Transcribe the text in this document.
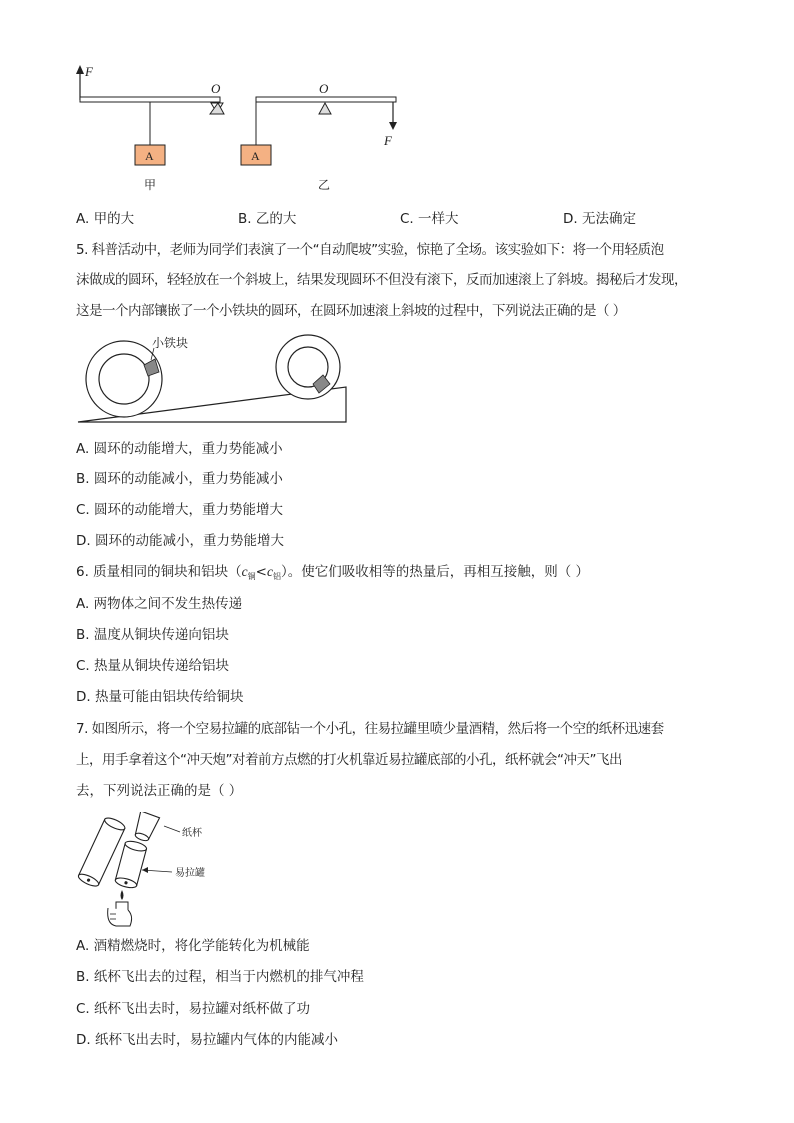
F
O
A
甲
O
A
F
乙
A. 甲的大	B. 乙的大	C. 一样大	D. 无法确定
5. 科普活动中，老师为同学们表演了一个“自动爬坡”实验，惊艳了全场。该实验如下：将一个用轻质泡
沫做成的圆环，轻轻放在一个斜坡上，结果发现圆环不但没有滚下，反而加速滚上了斜坡。揭秘后才发现，
这是一个内部镶嵌了一个小铁块的圆环，在圆环加速滚上斜坡的过程中，下列说法正确的是（ ）
小铁块
A. 圆环的动能增大，重力势能减小
B. 圆环的动能减小，重力势能减小
C. 圆环的动能增大，重力势能增大
D. 圆环的动能减小，重力势能增大
6. 质量相同的铜块和铝块$(c_铜<c_铝)$。使它们吸收相等的热量后，再相互接触，则（ ）
A. 两物体之间不发生热传递
B. 温度从铜块传递向铝块
C. 热量从铜块传递给铝块
D. 热量可能由铝块传给铜块
7. 如图所示，将一个空易拉罐的底部钻一个小孔，往易拉罐里喷少量酒精，然后将一个空的纸杯迅速套
上，用手拿着这个“冲天炮”对着前方点燃的打火机靠近易拉罐底部的小孔，纸杯就会“冲天”飞出
去，下列说法正确的是（ ）
纸杯
易拉罐
A. 酒精燃烧时，将化学能转化为机械能
B. 纸杯飞出去的过程，相当于内燃机的排气冲程
C. 纸杯飞出去时，易拉罐对纸杯做了功
D. 纸杯飞出去时，易拉罐内气体的内能减小
